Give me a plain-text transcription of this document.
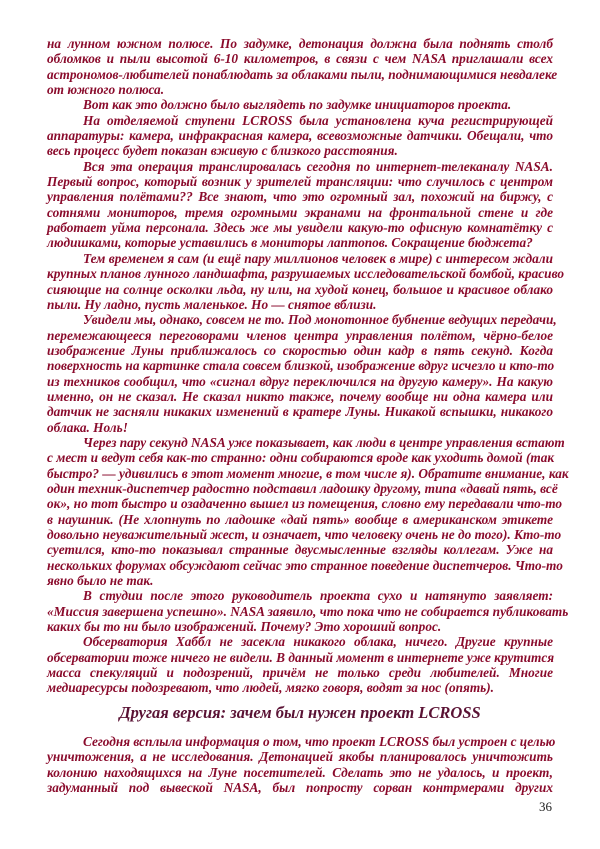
на лунном южном полюсе. По задумке, детонация должна была поднять столб
обломков и пыли высотой 6-10 километров, в связи с чем NASA приглашали всех
астрономов-любителей понаблюдать за облаками пыли, поднимающимися невдалеке
от южного полюса.
Вот как это должно было выглядеть по задумке инициаторов проекта.
На отделяемой ступени LCROSS была установлена куча регистрирующей
аппаратуры: камера, инфракрасная камера, всевозможные датчики. Обещали, что
весь процесс будет показан вживую с близкого расстояния.
Вся эта операция транслировалась сегодня по интернет-телеканалу NASA.
Первый вопрос, который возник у зрителей трансляции: что случилось с центром
управления полётами?? Все знают, что это огромный зал, похожий на биржу, с
сотнями мониторов, тремя огромными экранами на фронтальной стене и где
работает уйма персонала. Здесь же мы увидели какую-то офисную комнатётку с
людишками, которые уставились в мониторы лаптопов. Сокращение бюджета?
Тем временем я сам (и ещё пару миллионов человек в мире) с интересом ждали
крупных планов лунного ландшафта, разрушаемых исследовательской бомбой, красиво
сияющие на солнце осколки льда, ну или, на худой конец, большое и красивое облако
пыли. Ну ладно, пусть маленькое. Но — снятое вблизи.
Увидели мы, однако, совсем не то. Под монотонное бубнение ведущих передачи,
перемежающееся переговорами членов центра управления полётом, чёрно-белое
изображение Луны приближалось со скоростью один кадр в пять секунд. Когда
поверхность на картинке стала совсем близкой, изображение вдруг исчезло и кто-то
из техников сообщил, что «сигнал вдруг переключился на другую камеру». На какую
именно, он не сказал. Не сказал никто также, почему вообще ни одна камера или
датчик не засняли никаких изменений в кратере Луны. Никакой вспышки, никакого
облака. Ноль!
Через пару секунд NASA уже показывает, как люди в центре управления встают
с мест и ведут себя как-то странно: одни собираются вроде как уходить домой (так
быстро? — удивились в этот момент многие, в том числе я). Обратите внимание, как
один техник-диспетчер радостно подставил ладошку другому, типа «давай пять, всё
ок», но тот быстро и озадаченно вышел из помещения, словно ему передавали что-то
в наушник. (Не хлопнуть по ладошке «дай пять» вообще в американском этикете
довольно неуважительный жест, и означает, что человеку очень не до того). Кто-то
суетился, кто-то показывал странные двусмысленные взгляды коллегам. Уже на
нескольких форумах обсуждают сейчас это странное поведение диспетчеров. Что-то
явно было не так.
В студии после этого руководитель проекта сухо и натянуто заявляет:
«Миссия завершена успешно». NASA заявило, что пока что не собирается публиковать
каких бы то ни было изображений. Почему? Это хороший вопрос.
Обсерватория Хаббл не засекла никакого облака, ничего. Другие крупные
обсерватории тоже ничего не видели. В данный момент в интернете уже крутится
масса спекуляций и подозрений, причём не только среди любителей. Многие
медиаресурсы подозревают, что людей, мягко говоря, водят за нос (опять).
Другая версия: зачем был нужен проект LCROSS
Сегодня всплыла информация о том, что проект LCROSS был устроен с целью
уничтожения, а не исследования. Детонацией якобы планировалось уничтожить
колонию находящихся на Луне посетителей. Сделать это не удалось, и проект,
задуманный под вывеской NASA, был попросту сорван контрмерами других
36
